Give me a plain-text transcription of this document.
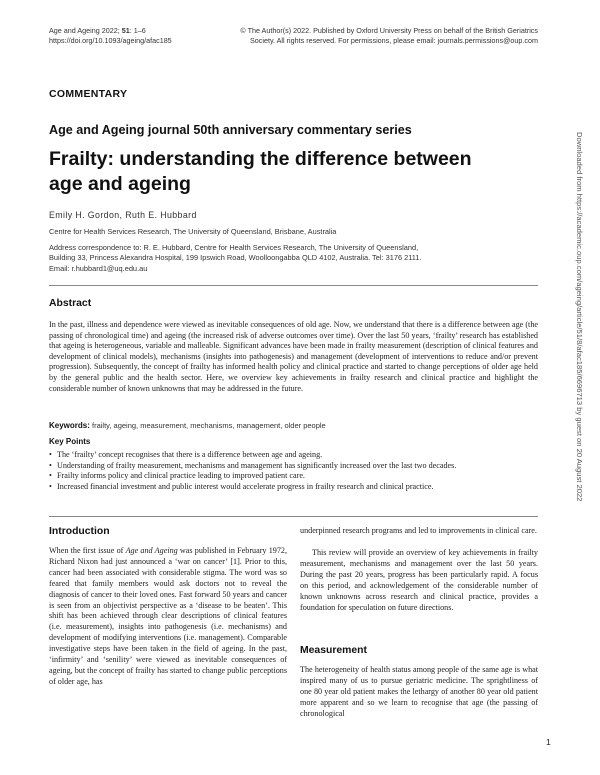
Age and Ageing 2022; 51: 1–6
https://doi.org/10.1093/ageing/afac185
© The Author(s) 2022. Published by Oxford University Press on behalf of the British Geriatrics
Society. All rights reserved. For permissions, please email: journals.permissions@oup.com
COMMENTARY
Age and Ageing journal 50th anniversary commentary series
Frailty: understanding the difference between
age and ageing
Emily H. Gordon, Ruth E. Hubbard
Centre for Health Services Research, The University of Queensland, Brisbane, Australia
Address correspondence to: R. E. Hubbard, Centre for Health Services Research, The University of Queensland,
Building 33, Princess Alexandra Hospital, 199 Ipswich Road, Woolloongabba QLD 4102, Australia. Tel: 3176 2111.
Email: r.hubbard1@uq.edu.au
Abstract
In the past, illness and dependence were viewed as inevitable consequences of old age. Now, we understand that there is a difference between age (the passing of chronological time) and ageing (the increased risk of adverse outcomes over time). Over the last 50 years, ‘frailty’ research has established that ageing is heterogeneous, variable and malleable. Significant advances have been made in frailty measurement (description of clinical features and development of clinical models), mechanisms (insights into pathogenesis) and management (development of interventions to reduce and/or prevent progression). Subsequently, the concept of frailty has informed health policy and clinical practice and started to change perceptions of older age held by the general public and the health sector. Here, we overview key achievements in frailty research and clinical practice and highlight the considerable number of known unknowns that may be addressed in the future.
Keywords: frailty, ageing, measurement, mechanisms, management, older people
Key Points
• The ‘frailty’ concept recognises that there is a difference between age and ageing.
• Understanding of frailty measurement, mechanisms and management has significantly increased over the last two decades.
• Frailty informs policy and clinical practice leading to improved patient care.
• Increased financial investment and public interest would accelerate progress in frailty research and clinical practice.
Introduction
When the first issue of Age and Ageing was published in February 1972, Richard Nixon had just announced a ‘war on cancer’ [1]. Prior to this, cancer had been associated with considerable stigma. The word was so feared that family members would ask doctors not to reveal the diagnosis of cancer to their loved ones. Fast forward 50 years and cancer is seen from an objectivist perspective as a ‘disease to be beaten’. This shift has been achieved through clear descriptions of clinical features (i.e. measurement), insights into pathogenesis (i.e. mechanisms) and development of modifying interventions (i.e. management). Comparable investigative steps have been taken in the field of ageing. In the past, ‘infirmity’ and ‘senility’ were viewed as inevitable consequences of ageing, but the concept of frailty has started to change public perceptions of older age, has
underpinned research programs and led to improvements in clinical care.
This review will provide an overview of key achievements in frailty measurement, mechanisms and management over the last 50 years. During the past 20 years, progress has been particularly rapid. A focus on this period, and acknowledgement of the considerable number of known unknowns across research and clinical practice, provides a foundation for speculation on future directions.
Measurement
The heterogeneity of health status among people of the same age is what inspired many of us to pursue geriatric medicine. The sprightliness of one 80 year old patient makes the lethargy of another 80 year old patient more apparent and so we learn to recognise that age (the passing of chronological
Downloaded from https://academic.oup.com/ageing/article/51/8/afac185/6696713 by guest on 20 August 2022
1
